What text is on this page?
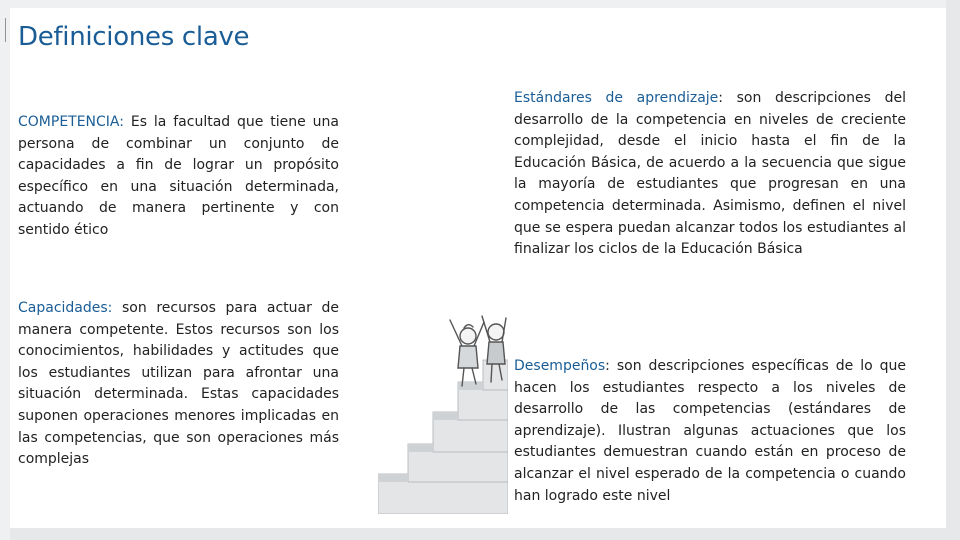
Definiciones clave
COMPETENCIA: Es la facultad que tiene una persona de combinar un conjunto de capacidades a fin de lograr un propósito específico en una situación determinada, actuando de manera pertinente y con sentido ético
Capacidades: son recursos para actuar de manera competente. Estos recursos son los conocimientos, habilidades y actitudes que los estudiantes utilizan para afrontar una situación determinada. Estas capacidades suponen operaciones menores implicadas en las competencias, que son operaciones más complejas
Estándares de aprendizaje: son descripciones del desarrollo de la competencia en niveles de creciente complejidad, desde el inicio hasta el fin de la Educación Básica, de acuerdo a la secuencia que sigue la mayoría de estudiantes que progresan en una competencia determinada. Asimismo, definen el nivel que se espera puedan alcanzar todos los estudiantes al finalizar los ciclos de la Educación Básica
Desempeños: son descripciones específicas de lo que hacen los estudiantes respecto a los niveles de desarrollo de las competencias (estándares de aprendizaje). Ilustran algunas actuaciones que los estudiantes demuestran cuando están en proceso de alcanzar el nivel esperado de la competencia o cuando han logrado este nivel
